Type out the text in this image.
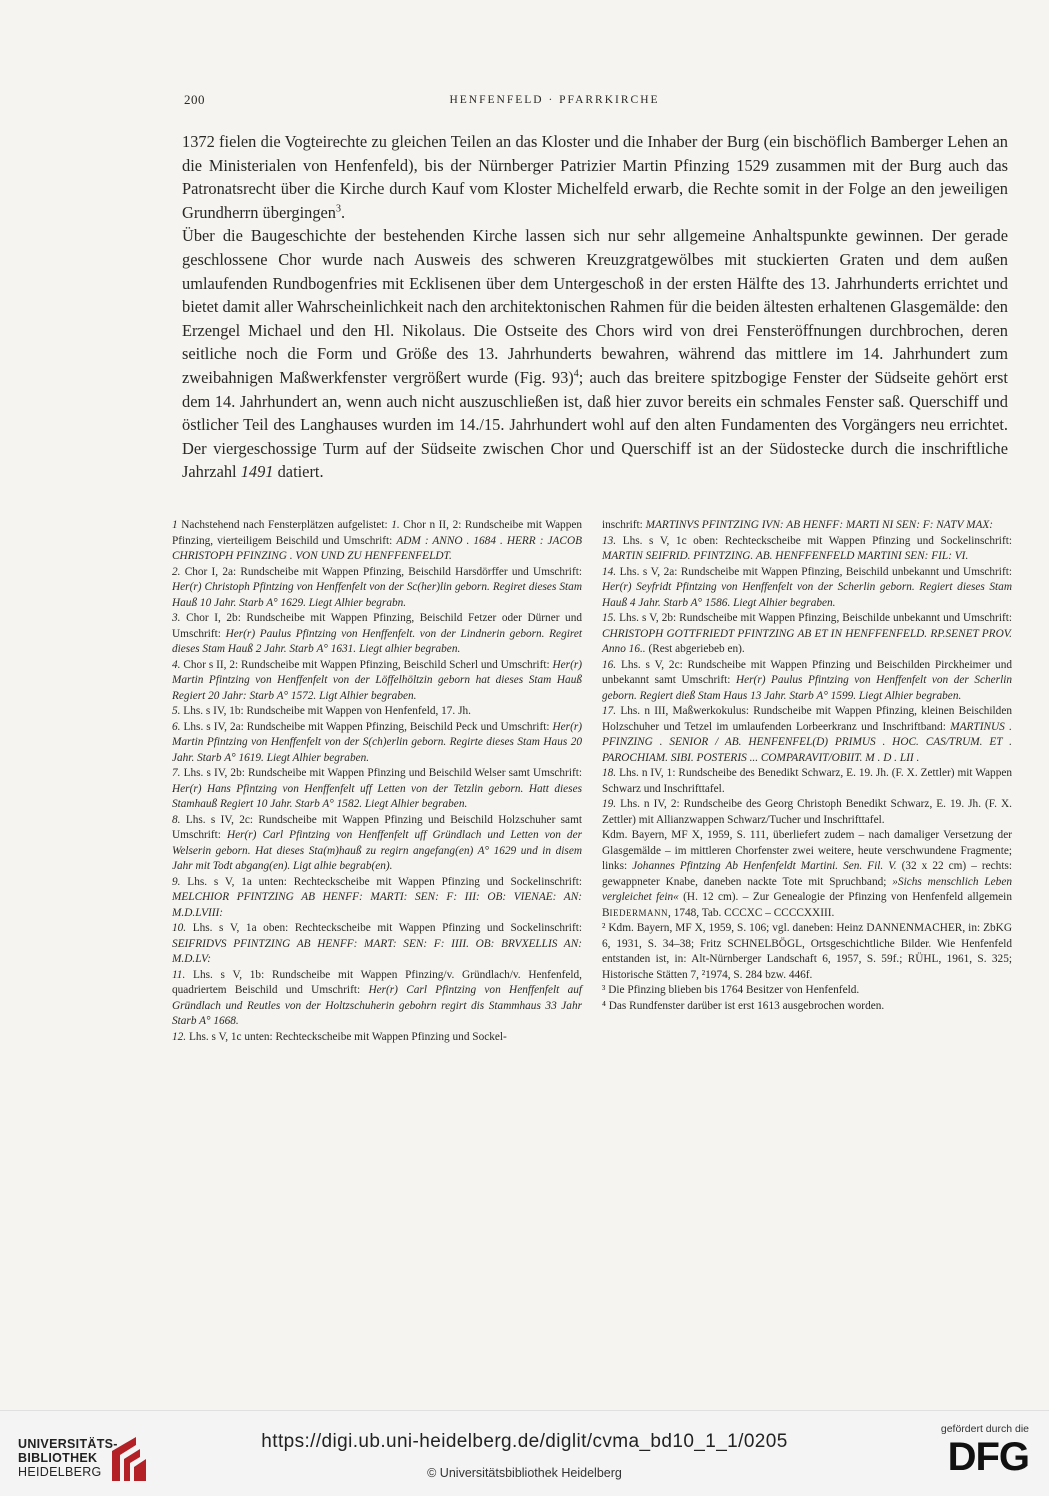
200	HENFENFELD · PFARRKIRCHE

1372 fielen die Vogteirechte zu gleichen Teilen an das Kloster und die Inhaber der Burg (ein bischöflich Bamberger Lehen an die Ministerialen von Henfenfeld), bis der Nürnberger Patrizier Martin Pfinzing 1529 zusammen mit der Burg auch das Patronatsrecht über die Kirche durch Kauf vom Kloster Michelfeld erwarb, die Rechte somit in der Folge an den jeweiligen Grundherrn übergingen$^3$.

Über die Baugeschichte der bestehenden Kirche lassen sich nur sehr allgemeine Anhaltspunkte gewinnen. Der gerade geschlossene Chor wurde nach Ausweis des schweren Kreuzgratgewölbes mit stuckierten Graten und dem außen umlaufenden Rundbogenfries mit Ecklisenen über dem Untergeschoß in der ersten Hälfte des 13. Jahrhunderts errichtet und bietet damit aller Wahrscheinlichkeit nach den architektonischen Rahmen für die beiden ältesten erhaltenen Glasgemälde: den Erzengel Michael und den Hl. Nikolaus. Die Ostseite des Chors wird von drei Fensteröffnungen durchbrochen, deren seitliche noch die Form und Größe des 13. Jahrhunderts bewahren, während das mittlere im 14. Jahrhundert zum zweibahnigen Maßwerkfenster vergrößert wurde (Fig. 93)$^4$; auch das breitere spitzbogige Fenster der Südseite gehört erst dem 14. Jahrhundert an, wenn auch nicht auszuschließen ist, daß hier zuvor bereits ein schmales Fenster saß. Querschiff und östlicher Teil des Langhauses wurden im 14./15. Jahrhundert wohl auf den alten Fundamenten des Vorgängers neu errichtet. Der viergeschossige Turm auf der Südseite zwischen Chor und Querschiff ist an der Südostecke durch die inschriftliche Jahrzahl 1491 datiert.

1 Nachstehend nach Fensterplätzen aufgelistet: 1. Chor n II, 2: Rundscheibe mit Wappen Pfinzing, vierteiligem Beischild und Umschrift: ADM : ANNO . 1684 . HERR : JACOB CHRISTOPH PFINZING . VON UND ZU HENFFENFELDT.

2. Chor I, 2a: Rundscheibe mit Wappen Pfinzing, Beischild Harsdörffer und Umschrift: Her(r) Christoph Pfintzing von Henffenfelt von der Sc(her)lin geborn. Regiret dieses Stam Hauß 10 Jahr. Starb A° 1629. Liegt Alhier begrabn.

3. Chor I, 2b: Rundscheibe mit Wappen Pfinzing, Beischild Fetzer oder Dürner und Umschrift: Her(r) Paulus Pfintzing von Henffenfelt. von der Lindnerin geborn. Regiret dieses Stam Hauß 2 Jahr. Starb A° 1631. Liegt alhier begraben.

4. Chor s II, 2: Rundscheibe mit Wappen Pfinzing, Beischild Scherl und Umschrift: Her(r) Martin Pfintzing von Henffenfelt von der Löffelhöltzin geborn hat dieses Stam Hauß Regiert 20 Jahr: Starb A° 1572. Ligt Alhier begraben.

5. Lhs. s IV, 1b: Rundscheibe mit Wappen von Henfenfeld, 17. Jh.

6. Lhs. s IV, 2a: Rundscheibe mit Wappen Pfinzing, Beischild Peck und Umschrift: Her(r) Martin Pfintzing von Henffenfelt von der S(ch)erlin geborn. Regirte dieses Stam Haus 20 Jahr. Starb A° 1619. Liegt Alhier begraben.

7. Lhs. s IV, 2b: Rundscheibe mit Wappen Pfinzing und Beischild Welser samt Umschrift: Her(r) Hans Pfintzing von Henffenfelt uff Letten von der Tetzlin geborn. Hatt dieses Stamhauß Regiert 10 Jahr. Starb A° 1582. Liegt Alhier begraben.

8. Lhs. s IV, 2c: Rundscheibe mit Wappen Pfinzing und Beischild Holzschuher samt Umschrift: Her(r) Carl Pfintzing von Henffenfelt uff Gründlach und Letten von der Welserin geborn. Hat dieses Sta(m)hauß zu regirn angefang(en) A° 1629 und in disem Jahr mit Todt abgang(en). Ligt alhie begrab(en).

9. Lhs. s V, 1a unten: Rechteckscheibe mit Wappen Pfinzing und Sockelinschrift: MELCHIOR PFINTZING AB HENFF: MARTI: SEN: F: III: OB: VIENAE: AN: M.D.LVIII:

10. Lhs. s V, 1a oben: Rechteckscheibe mit Wappen Pfinzing und Sockelinschrift: SEIFRIDVS PFINTZING AB HENFF: MART: SEN: F: IIII. OB: BRVXELLIS AN: M.D.LV:

11. Lhs. s V, 1b: Rundscheibe mit Wappen Pfinzing/v. Gründlach/v. Henfenfeld, quadriertem Beischild und Umschrift: Her(r) Carl Pfintzing von Henffenfelt auf Gründlach und Reutles von der Holtzschuherin gebohrn regirt dis Stammhaus 33 Jahr Starb A° 1668.

12. Lhs. s V, 1c unten: Rechteckscheibe mit Wappen Pfinzing und Sockel-

inschrift: MARTINVS PFINTZING IVN: AB HENFF: MARTI NI SEN: F: NATV MAX:

13. Lhs. s V, 1c oben: Rechteckscheibe mit Wappen Pfinzing und Sockelinschrift: MARTIN SEIFRID. PFINTZING. AB. HENFFENFELD MARTINI SEN: FIL: VI.

14. Lhs. s V, 2a: Rundscheibe mit Wappen Pfinzing, Beischild unbekannt und Umschrift: Her(r) Seyfridt Pfintzing von Henffenfelt von der Scherlin geborn. Regiert dieses Stam Hauß 4 Jahr. Starb A° 1586. Liegt Alhier begraben.

15. Lhs. s V, 2b: Rundscheibe mit Wappen Pfinzing, Beischilde unbekannt und Umschrift: CHRISTOPH GOTTFRIEDT PFINTZING AB ET IN HENFFENFELD. RP.SENET PROV. Anno 16.. (Rest abgeriebeb en).

16. Lhs. s V, 2c: Rundscheibe mit Wappen Pfinzing und Beischilden Pirckheimer und unbekannt samt Umschrift: Her(r) Paulus Pfintzing von Henffenfelt von der Scherlin geborn. Regiert dieß Stam Haus 13 Jahr. Starb A° 1599. Liegt Alhier begraben.

17. Lhs. n III, Maßwerkokulus: Rundscheibe mit Wappen Pfinzing, kleinen Beischilden Holzschuher und Tetzel im umlaufenden Lorbeerkranz und Inschriftband: MARTINUS . PFINZING . SENIOR / AB. HENFENFEL(D) PRIMUS . HOC. CAS/TRUM. ET . PAROCHIAM. SIBI. POSTERIS ... COMPARAVIT/OBIIT. M . D . LII .

18. Lhs. n IV, 1: Rundscheibe des Benedikt Schwarz, E. 19. Jh. (F. X. Zettler) mit Wappen Schwarz und Inschrifttafel.

19. Lhs. n IV, 2: Rundscheibe des Georg Christoph Benedikt Schwarz, E. 19. Jh. (F. X. Zettler) mit Allianzwappen Schwarz/Tucher und Inschrifttafel.

Kdm. Bayern, MF X, 1959, S. 111, überliefert zudem – nach damaliger Versetzung der Glasgemälde – im mittleren Chorfenster zwei weitere, heute verschwundene Fragmente; links: Johannes Pfintzing Ab Henfenfeldt Martini. Sen. Fil. V. (32 x 22 cm) – rechts: gewappneter Knabe, daneben nackte Tote mit Spruchband; »Sichs menschlich Leben vergleichet fein« (H. 12 cm). – Zur Genealogie der Pfinzing von Henfenfeld allgemein BIEDERMANN, 1748, Tab. CCCXC – CCCCXXIII.

² Kdm. Bayern, MF X, 1959, S. 106; vgl. daneben: Heinz DANNENMACHER, in: ZbKG 6, 1931, S. 34–38; Fritz SCHNELBÖGL, Ortsgeschichtliche Bilder. Wie Henfenfeld entstanden ist, in: Alt-Nürnberger Landschaft 6, 1957, S. 59f.; RÜHL, 1961, S. 325; Historische Stätten 7, ²1974, S. 284 bzw. 446f.

³ Die Pfinzing blieben bis 1764 Besitzer von Henfenfeld.

⁴ Das Rundfenster darüber ist erst 1613 ausgebrochen worden.

UNIVERSITÄTS-
BIBLIOTHEK
HEIDELBERG
https://digi.ub.uni-heidelberg.de/diglit/cvma_bd10_1_1/0205
© Universitätsbibliothek Heidelberg
gefördert durch die
DFG
